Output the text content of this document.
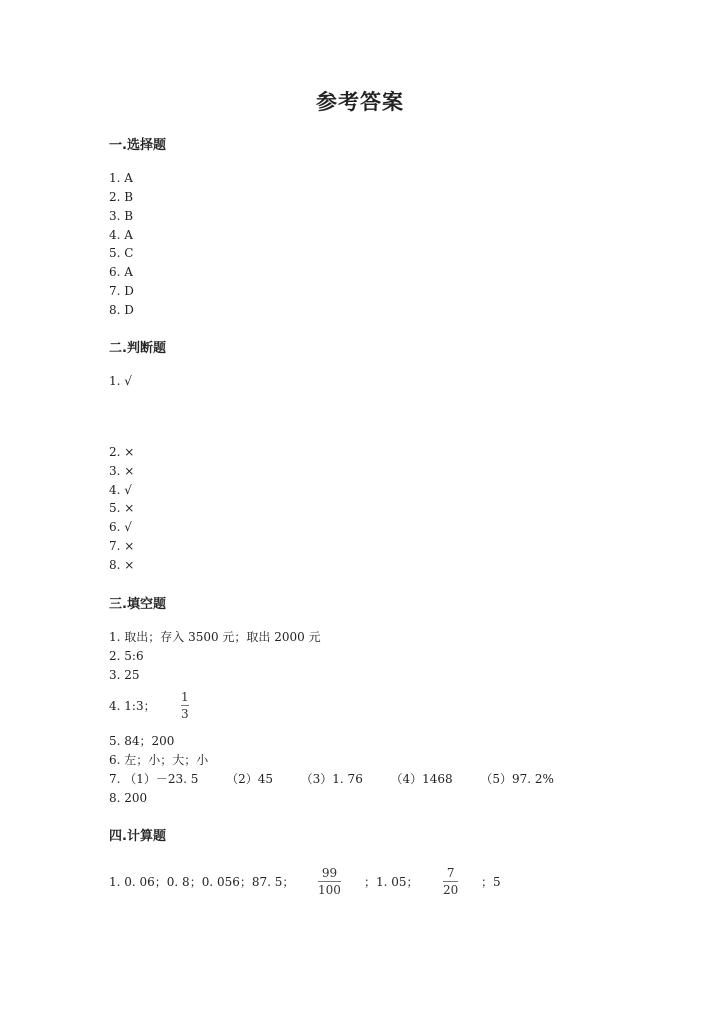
参考答案
一.选择题
1. A
2. B
3. B
4. A
5. C
6. A
7. D
8. D
二.判断题
1. √
2. ×
3. ×
4. √
5. ×
6. √
7. ×
8. ×
三.填空题
1. 取出；存入 3500 元；取出 2000 元
2. 5:6
3. 25
4. 1:3；
1
3
5. 84；200
6. 左；小；大；小
7. （1）－23. 5 （2）45 （3）1. 76 （4）1468 （5）97. 2%
8. 200
四.计算题
1. 0. 06；0. 8；0. 056；87. 5；
99
100
；1. 05；
7
20
；5
